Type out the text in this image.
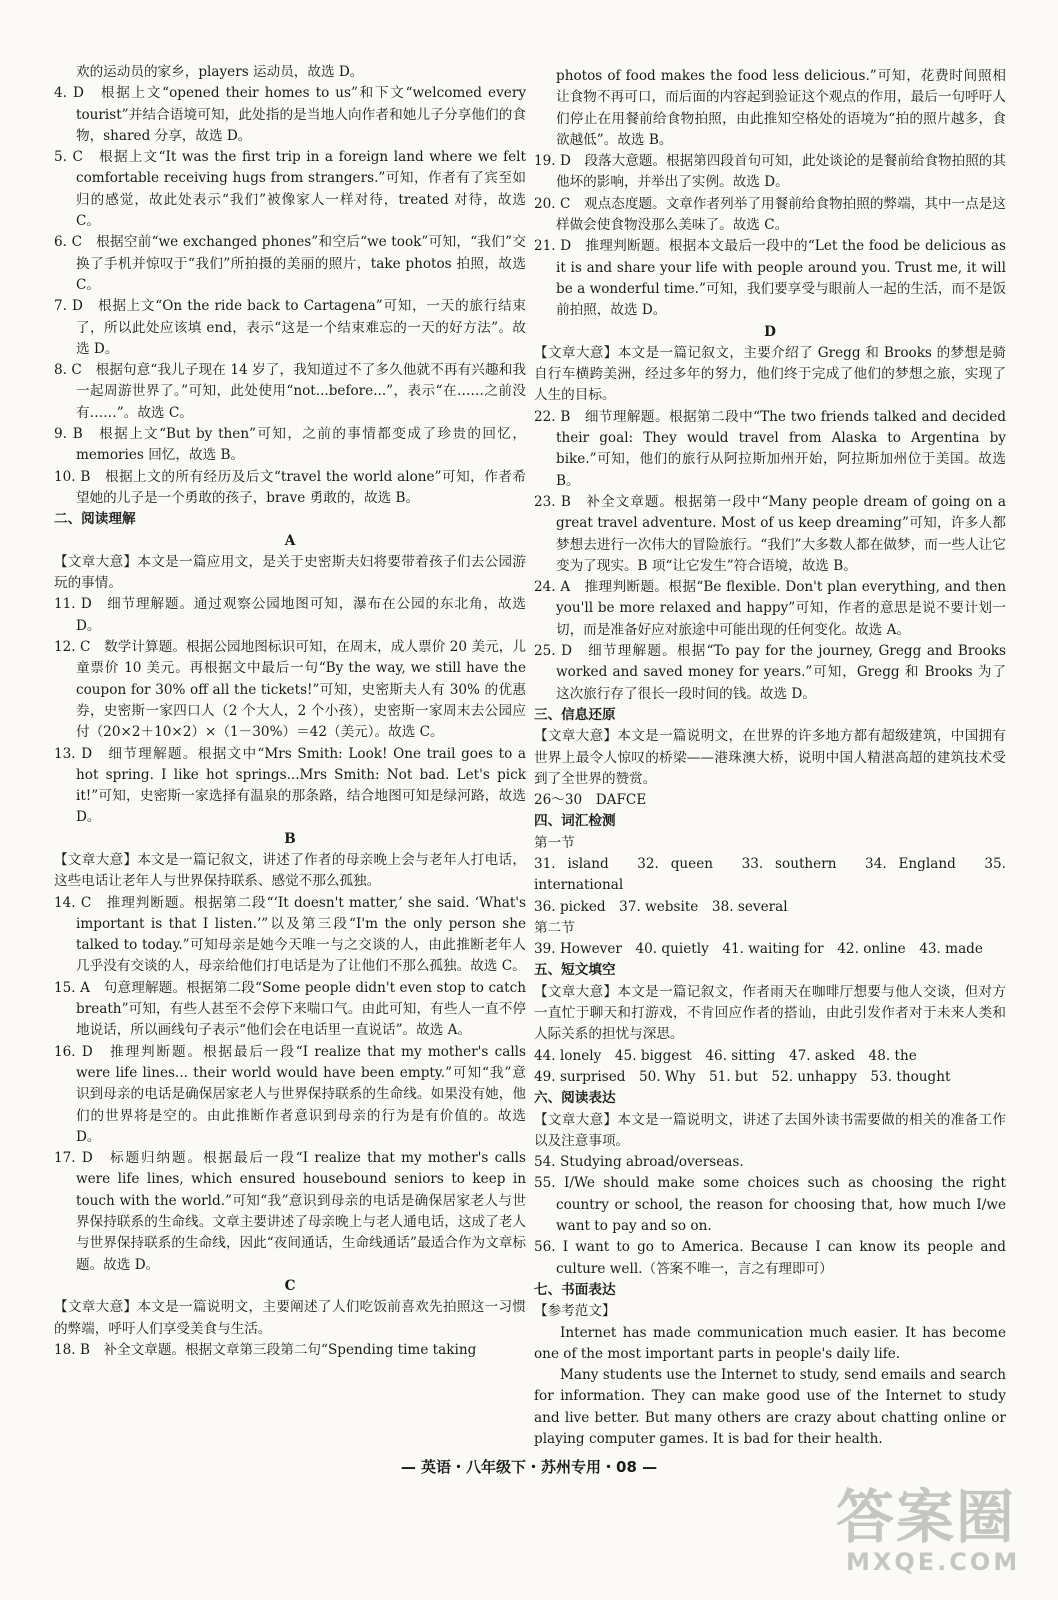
欢的运动员的家乡，players 运动员，故选 D。

4. D　根据上文“opened their homes to us”和下文“welcomed every tourist”并结合语境可知，此处指的是当地人向作者和她儿子分享他们的食物，shared 分享，故选 D。

5. C　根据上文“It was the first trip in a foreign land where we felt comfortable receiving hugs from strangers.”可知，作者有了宾至如归的感觉，故此处表示“我们”被像家人一样对待，treated 对待，故选 C。

6. C　根据空前“we exchanged phones”和空后“we took”可知，“我们”交换了手机并惊叹于“我们”所拍摄的美丽的照片，take photos 拍照，故选 C。

7. D　根据上文“On the ride back to Cartagena”可知，一天的旅行结束了，所以此处应该填 end，表示“这是一个结束难忘的一天的好方法”。故选 D。

8. C　根据句意“我儿子现在 14 岁了，我知道过不了多久他就不再有兴趣和我一起周游世界了。”可知，此处使用“not...before...”，表示“在……之前没有……”。故选 C。

9. B　根据上文“But by then”可知，之前的事情都变成了珍贵的回忆，memories 回忆，故选 B。

10. B　根据上文的所有经历及后文“travel the world alone”可知，作者希望她的儿子是一个勇敢的孩子，brave 勇敢的，故选 B。

二、阅读理解
A

【文章大意】本文是一篇应用文，是关于史密斯夫妇将要带着孩子们去公园游玩的事情。

11. D　细节理解题。通过观察公园地图可知，瀑布在公园的东北角，故选 D。

12. C　数学计算题。根据公园地图标识可知，在周末，成人票价 20 美元，儿童票价 10 美元。再根据文中最后一句“By the way, we still have the coupon for 30% off all the tickets!”可知，史密斯夫人有 30% 的优惠券，史密斯一家四口人（2 个大人，2 个小孩），史密斯一家周末去公园应付（20×2＋10×2）×（1－30%）＝42（美元）。故选 C。

13. D　细节理解题。根据文中“Mrs Smith: Look! One trail goes to a hot spring. I like hot springs...Mrs Smith: Not bad. Let's pick it!”可知，史密斯一家选择有温泉的那条路，结合地图可知是绿河路，故选 D。

B

【文章大意】本文是一篇记叙文，讲述了作者的母亲晚上会与老年人打电话，这些电话让老年人与世界保持联系、感觉不那么孤独。

14. C　推理判断题。根据第二段“‘It doesn't matter,’ she said. ‘What's important is that I listen.’”以及第三段“I'm the only person she talked to today.”可知母亲是她今天唯一与之交谈的人，由此推断老年人几乎没有交谈的人，母亲给他们打电话是为了让他们不那么孤独。故选 C。

15. A　句意理解题。根据第二段“Some people didn't even stop to catch breath”可知，有些人甚至不会停下来喘口气。由此可知，有些人一直不停地说话，所以画线句子表示“他们会在电话里一直说话”。故选 A。

16. D　推理判断题。根据最后一段“I realize that my mother's calls were life lines... their world would have been empty.”可知“我”意识到母亲的电话是确保居家老人与世界保持联系的生命线。如果没有她，他们的世界将是空的。由此推断作者意识到母亲的行为是有价值的。故选 D。

17. D　标题归纳题。根据最后一段“I realize that my mother's calls were life lines, which ensured housebound seniors to keep in touch with the world.”可知“我”意识到母亲的电话是确保居家老人与世界保持联系的生命线。文章主要讲述了母亲晚上与老人通电话，这成了老人与世界保持联系的生命线，因此“夜间通话，生命线通话”最适合作为文章标题。故选 D。

C

【文章大意】本文是一篇说明文，主要阐述了人们吃饭前喜欢先拍照这一习惯的弊端，呼吁人们享受美食与生活。

18. B　补全文章题。根据文章第三段第二句“Spending time taking

photos of food makes the food less delicious.”可知，花费时间照相让食物不再可口，而后面的内容起到验证这个观点的作用，最后一句呼吁人们停止在用餐前给食物拍照，由此推知空格处的语境为“拍的照片越多，食欲越低”。故选 B。

19. D　段落大意题。根据第四段首句可知，此处谈论的是餐前给食物拍照的其他坏的影响，并举出了实例。故选 D。

20. C　观点态度题。文章作者列举了用餐前给食物拍照的弊端，其中一点是这样做会使食物没那么美味了。故选 C。

21. D　推理判断题。根据本文最后一段中的“Let the food be delicious as it is and share your life with people around you. Trust me, it will be a wonderful time.”可知，我们要享受与眼前人一起的生活，而不是饭前拍照，故选 D。

D

【文章大意】本文是一篇记叙文，主要介绍了 Gregg 和 Brooks 的梦想是骑自行车横跨美洲，经过多年的努力，他们终于完成了他们的梦想之旅，实现了人生的目标。

22. B　细节理解题。根据第二段中“The two friends talked and decided their goal: They would travel from Alaska to Argentina by bike.”可知，他们的旅行从阿拉斯加州开始，阿拉斯加州位于美国。故选 B。

23. B　补全文章题。根据第一段中“Many people dream of going on a great travel adventure. Most of us keep dreaming”可知，许多人都梦想去进行一次伟大的冒险旅行。“我们”大多数人都在做梦，而一些人让它变为了现实。B 项“让它发生”符合语境，故选 B。

24. A　推理判断题。根据“Be flexible. Don't plan everything, and then you'll be more relaxed and happy”可知，作者的意思是说不要计划一切，而是准备好应对旅途中可能出现的任何变化。故选 A。

25. D　细节理解题。根据“To pay for the journey, Gregg and Brooks worked and saved money for years.”可知，Gregg 和 Brooks 为了这次旅行存了很长一段时间的钱。故选 D。

三、信息还原

【文章大意】本文是一篇说明文，在世界的许多地方都有超级建筑，中国拥有世界上最令人惊叹的桥梁——港珠澳大桥，说明中国人精湛高超的建筑技术受到了全世界的赞赏。

26～30　DAFCE

四、词汇检测

第一节

31. island　32. queen　33. southern　34. England　35. international

36. picked　37. website　38. several

第二节

39. However　40. quietly　41. waiting for　42. online　43. made

五、短文填空

【文章大意】本文是一篇记叙文，作者雨天在咖啡厅想要与他人交谈，但对方一直忙于聊天和打游戏，不肯回应作者的搭讪，由此引发作者对于未来人类和人际关系的担忧与深思。

44. lonely　45. biggest　46. sitting　47. asked　48. the

49. surprised　50. Why　51. but　52. unhappy　53. thought

六、阅读表达

【文章大意】本文是一篇说明文，讲述了去国外读书需要做的相关的准备工作以及注意事项。

54. Studying abroad/overseas.

55. I/We should make some choices such as choosing the right country or school, the reason for choosing that, how much I/we want to pay and so on.

56. I want to go to America. Because I can know its people and culture well.（答案不唯一，言之有理即可）

七、书面表达

【参考范文】

Internet has made communication much easier. It has become one of the most important parts in people's daily life.

Many students use the Internet to study, send emails and search for information. They can make good use of the Internet to study and live better. But many others are crazy about chatting online or playing computer games. It is bad for their health.

— 英语・八年级下・苏州专用・08 —
答案圈
MXQE.COM
